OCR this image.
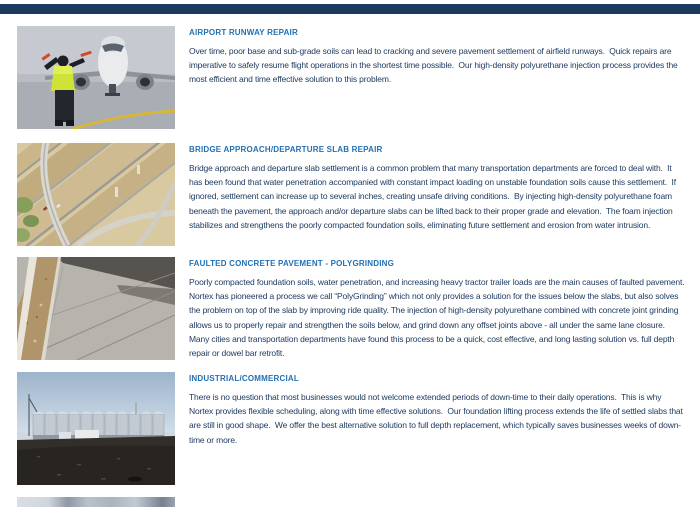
AIRPORT RUNWAY REPAIR
Over time, poor base and sub-grade soils can lead to cracking and severe pavement settlement of airfield runways.  Quick repairs are imperative to safely resume flight operations in the shortest time possible.  Our high-density polyurethane injection process provides the most efficient and time effective solution to this problem.
BRIDGE APPROACH/DEPARTURE SLAB REPAIR
Bridge approach and departure slab settlement is a common problem that many transportation departments are forced to deal with.  It has been found that water penetration accompanied with constant impact loading on unstable foundation soils cause this settlement.  If ignored, settlement can increase up to several inches, creating unsafe driving conditions.  By injecting high-density polyurethane foam beneath the pavement, the approach and/or departure slabs can be lifted back to their proper grade and elevation.  The foam injection stabilizes and strengthens the poorly compacted foundation soils, eliminating future settlement and erosion from water intrusion.
FAULTED CONCRETE PAVEMENT - POLYGRINDING
Poorly compacted foundation soils, water penetration, and increasing heavy tractor trailer loads are the main causes of faulted pavement. Nortex has pioneered a process we call “PolyGrinding” which not only provides a solution for the issues below the slabs, but also solves the problem on top of the slab by improving ride quality. The injection of high-density polyurethane combined with concrete joint grinding allows us to properly repair and strengthen the soils below, and grind down any offset joints above - all under the same lane closure. Many cities and transportation departments have found this process to be a quick, cost effective, and long lasting solution vs. full depth repair or dowel bar retrofit.
INDUSTRIAL/COMMERCIAL
There is no question that most businesses would not welcome extended periods of down-time to their daily operations.  This is why Nortex provides flexible scheduling, along with time effective solutions.  Our foundation lifting process extends the life of settled slabs that are still in good shape.  We offer the best alternative solution to full depth replacement, which typically saves businesses weeks of down-time or more.
